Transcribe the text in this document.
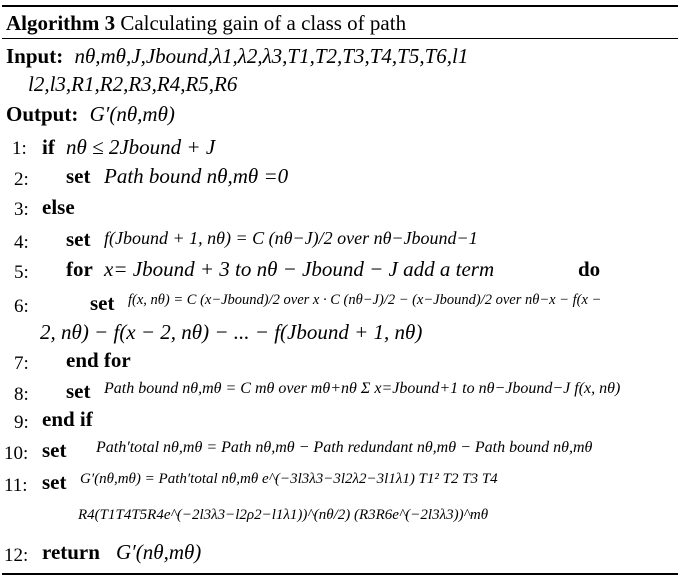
Algorithm 3 Calculating gain of a class of path
Input: nθ,mθ,J,Jbound,λ1,λ2,λ3,T1,T2,T3,T4,T5,T6,l1
l2,l3,R1,R2,R3,R4,R5,R6
Output: G′(nθ,mθ)
1: if nθ ≤ 2Jbound + J
2: set Path bound nθ,mθ =0
3: else
4: set f(Jbound + 1, nθ) = C (nθ−J)/2 over nθ−Jbound−1
5: for x= Jbound + 3 to nθ − Jbound − J add a term	do
6:	set f(x, nθ) = C (x−Jbound)/2 over x · C (nθ−J)/2 − (x−Jbound)/2 over nθ−x − f(x −
2, nθ) − f(x − 2, nθ) − ... − f(Jbound + 1, nθ)
7: end for
8: set Path bound nθ,mθ = C mθ over mθ+nθ Σ x=Jbound+1 to nθ−Jbound−J f(x, nθ)
9: end if
10: set Path′total nθ,mθ = Path nθ,mθ − Path redundant nθ,mθ − Path bound nθ,mθ
11: set G′(nθ,mθ) = Path′total nθ,mθ e^(−3l3λ3−3l2λ2−3l1λ1) T1² T2 T3 T4
R4(T1T4T5R4e^(−2l3λ3−l2ρ2−l1λ1))^(nθ/2) (R3R6e^(−2l3λ3))^mθ
12: return G′(nθ,mθ)
